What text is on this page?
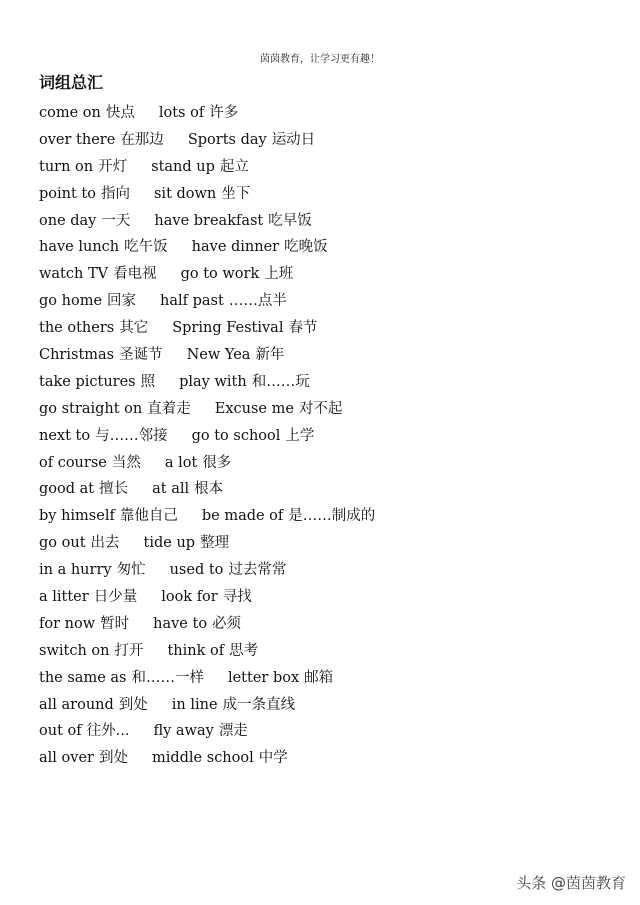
茵茵教育，让学习更有趣！
词组总汇
come on 快点 lots of 许多
over there 在那边 Sports day 运动日
turn on 开灯 stand up 起立
point to 指向 sit down 坐下
one day 一天 have breakfast 吃早饭
have lunch 吃午饭 have dinner 吃晚饭
watch TV 看电视 go to work 上班
go home 回家 half past ……点半
the others 其它 Spring Festival 春节
Christmas 圣诞节 New Yea 新年
take pictures 照 play with 和……玩
go straight on 直着走 Excuse me 对不起
next to 与……邻接 go to school 上学
of course 当然 a lot 很多
good at 擅长 at all 根本
by himself 靠他自己 be made of 是……制成的
go out 出去 tide up 整理
in a hurry 匆忙 used to 过去常常
a litter 日少量 look for 寻找
for now 暂时 have to 必须
switch on 打开 think of 思考
the same as 和……一样 letter box 邮箱
all around 到处 in line 成一条直线
out of 往外... fly away 漂走
all over 到处 middle school 中学
头条 @茵茵教育
